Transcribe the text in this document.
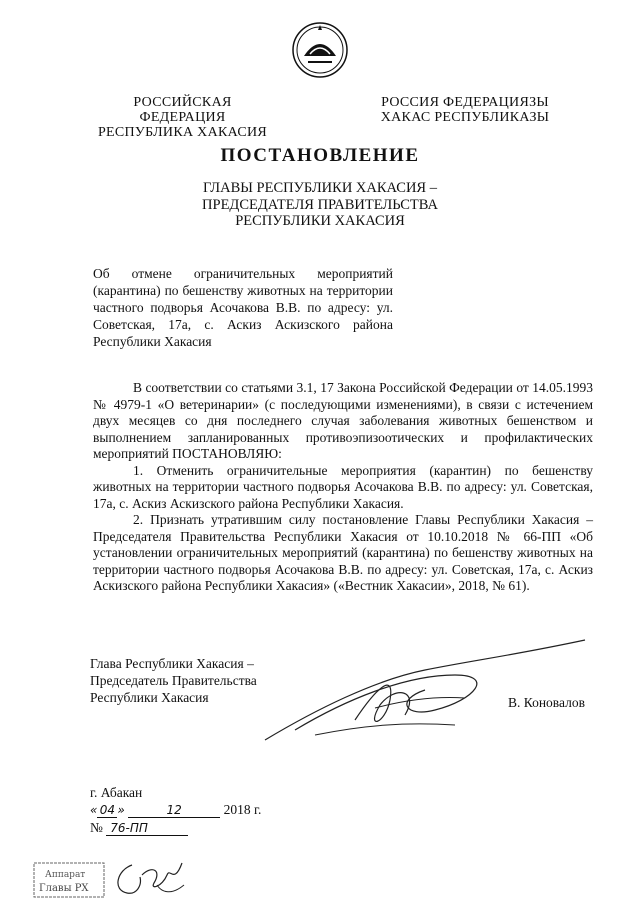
РОССИЙСКАЯ ФЕДЕРАЦИЯ
РЕСПУБЛИКА ХАКАСИЯ
РОССИЯ ФЕДЕРАЦИЯЗЫ
ХАКАС РЕСПУБЛИКАЗЫ
ПОСТАНОВЛЕНИЕ
ГЛАВЫ РЕСПУБЛИКИ ХАКАСИЯ –
ПРЕДСЕДАТЕЛЯ ПРАВИТЕЛЬСТВА
РЕСПУБЛИКИ ХАКАСИЯ
Об отмене ограничительных мероприятий (карантина) по бешенству животных на территории частного подворья Асочакова В.В. по адресу: ул. Советская, 17а, с. Аскиз Аскизского района Республики Хакасия

В соответствии со статьями 3.1, 17 Закона Российской Федерации от 14.05.1993 № 4979-1 «О ветеринарии» (с последующими изменениями), в связи с истечением двух месяцев со дня последнего случая заболевания животных бешенством и выполнением запланированных противоэпизоотических и профилактических мероприятий ПОСТАНОВЛЯЮ:

1. Отменить ограничительные мероприятия (карантин) по бешенству животных на территории частного подворья Асочакова В.В. по адресу: ул. Советская, 17а, с. Аскиз Аскизского района Республики Хакасия.

2. Признать утратившим силу постановление Главы Республики Хакасия – Председателя Правительства Республики Хакасия от 10.10.2018 № 66-ПП «Об установлении ограничительных мероприятий (карантина) по бешенству животных на территории частного подворья Асочакова В.В. по адресу: ул. Советская, 17а, с. Аскиз Аскизского района Республики Хакасия» («Вестник Хакасии», 2018, № 61).

Глава Республики Хакасия –
Председатель Правительства
Республики Хакасия	В. Коновалов
г. Абакан
« 04 »	12	2018 г.
№ 76-ПП
Аппарат
Главы РХ
